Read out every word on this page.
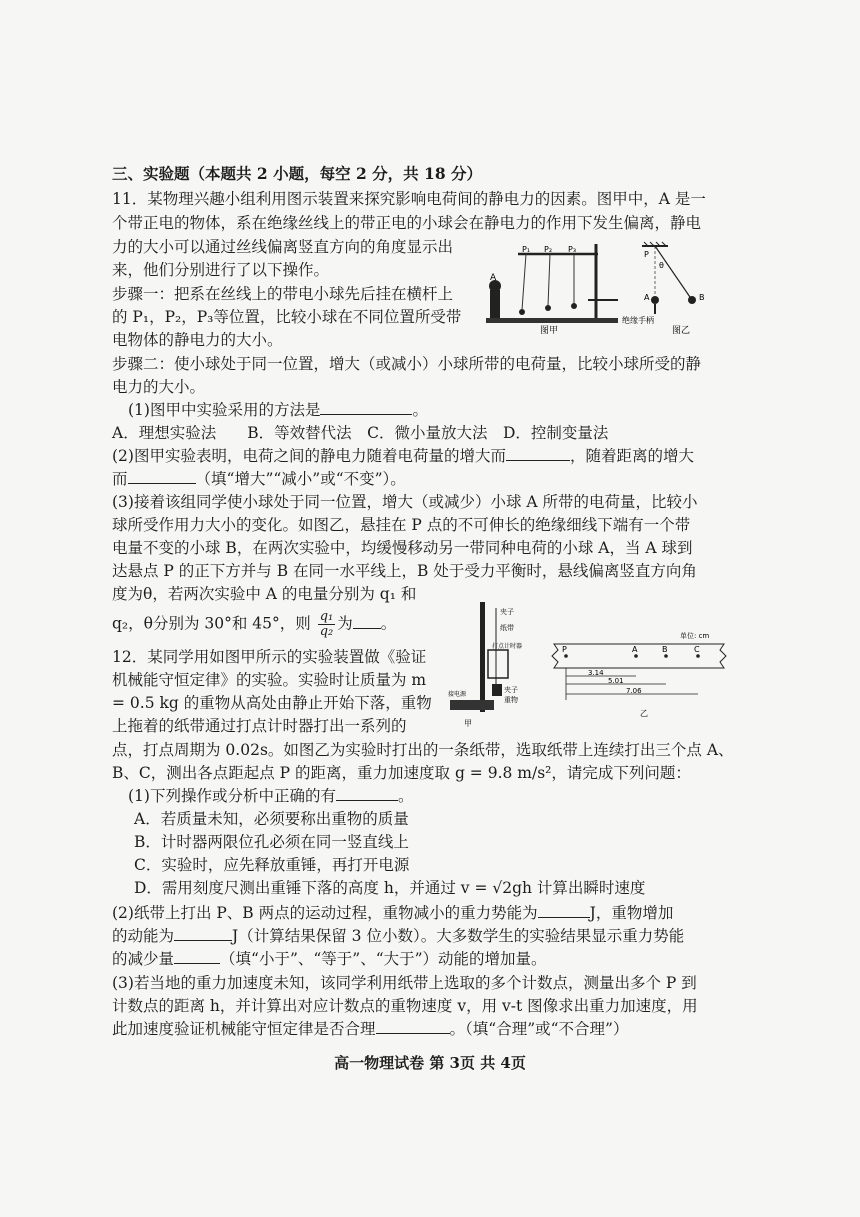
三、实验题（本题共 2 小题，每空 2 分，共 18 分）
11．某物理兴趣小组利用图示装置来探究影响电荷间的静电力的因素。图甲中，A 是一
个带正电的物体，系在绝缘丝线上的带正电的小球会在静电力的作用下发生偏离，静电
力的大小可以通过丝线偏离竖直方向的角度显示出
来，他们分别进行了以下操作。
步骤一：把系在丝线上的带电小球先后挂在横杆上
的 P₁，P₂，P₃等位置，比较小球在不同位置所受带
电物体的静电力的大小。
步骤二：使小球处于同一位置，增大（或减小）小球所带的电荷量，比较小球所受的静
电力的大小。
A
P₁ P₂ P₃
图甲
P
θ
A	B
绝缘手柄
图乙
(1)图甲中实验采用的方法是	。
A．理想实验法　　B．等效替代法　C．微小量放大法　D．控制变量法
(2)图甲实验表明，电荷之间的静电力随着电荷量的增大而	，随着距离的增大
而	（填“增大”“减小”或“不变”）。
(3)接着该组同学使小球处于同一位置，增大（或减少）小球 A 所带的电荷量，比较小
球所受作用力大小的变化。如图乙，悬挂在 P 点的不可伸长的绝缘细线下端有一个带
电量不变的小球 B，在两次实验中，均缓慢移动另一带同种电荷的小球 A，当 A 球到
达悬点 P 的正下方并与 B 在同一水平线上，B 处于受力平衡时，悬线偏离竖直方向角
度为θ，若两次实验中 A 的电量分别为 q₁ 和
q₂，θ分别为 30°和 45°，则 $\frac{\text{q₁}}{\text{q₂}}$ 为 。
12．某同学用如图甲所示的实验装置做《验证
机械能守恒定律》的实验。实验时让质量为 m
= 0.5 kg 的重物从高处由静止开始下落，重物
上拖着的纸带通过打点计时器打出一系列的
点，打点周期为 0.02s。如图乙为实验时打出的一条纸带，选取纸带上连续打出三个点 A、
B、C，测出各点距起点 P 的距离，重力加速度取 g = 9.8 m/s²，请完成下列问题：
夹子
纸带
打点计时器
夹子
重物
接电源
甲
单位: cm
P	A	B	C
3.14
5.01
7.06
乙
(1)下列操作或分析中正确的有	。
A．若质量未知，必须要称出重物的质量
B．计时器两限位孔必须在同一竖直线上
C．实验时，应先释放重锤，再打开电源
D．需用刻度尺测出重锤下落的高度 h，并通过 v = √2gh 计算出瞬时速度
(2)纸带上打出 P、B 两点的运动过程，重物减小的重力势能为	J，重物增加
的动能为	J（计算结果保留 3 位小数）。大多数学生的实验结果显示重力势能
的减少量	（填“小于”、“等于”、“大于”）动能的增加量。
(3)若当地的重力加速度未知，该同学利用纸带上选取的多个计数点，测量出多个 P 到
计数点的距离 h，并计算出对应计数点的重物速度 v，用 v-t 图像求出重力加速度，用
此加速度验证机械能守恒定律是否合理	。（填“合理”或“不合理”）
高一物理试卷 第 3页 共 4页
